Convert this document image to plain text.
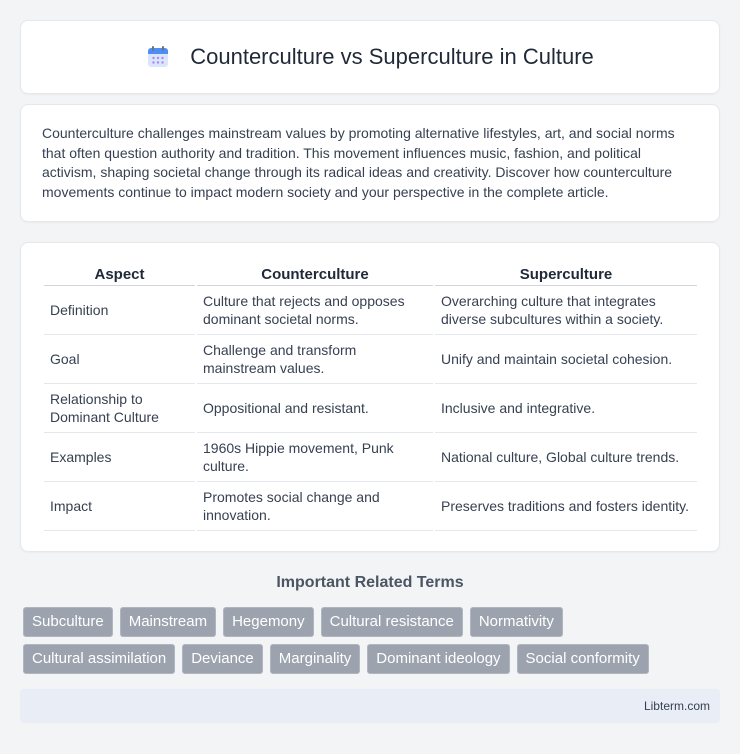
Counterculture vs Superculture in Culture

Counterculture challenges mainstream values by promoting alternative lifestyles, art, and social norms that often question authority and tradition. This movement influences music, fashion, and political activism, shaping societal change through its radical ideas and creativity. Discover how counterculture movements continue to impact modern society and your perspective in the complete article.

Aspect	Counterculture	Superculture
Definition	Culture that rejects and opposes dominant societal norms.	Overarching culture that integrates diverse subcultures within a society.
Goal	Challenge and transform mainstream values.	Unify and maintain societal cohesion.
Relationship to Dominant Culture	Oppositional and resistant.	Inclusive and integrative.
Examples	1960s Hippie movement, Punk culture.	National culture, Global culture trends.
Impact	Promotes social change and innovation.	Preserves traditions and fosters identity.
Important Related Terms
Subculture	Mainstream	Hegemony	Cultural resistance	Normativity
Cultural assimilation	Deviance	Marginality	Dominant ideology	Social conformity
Libterm.com
